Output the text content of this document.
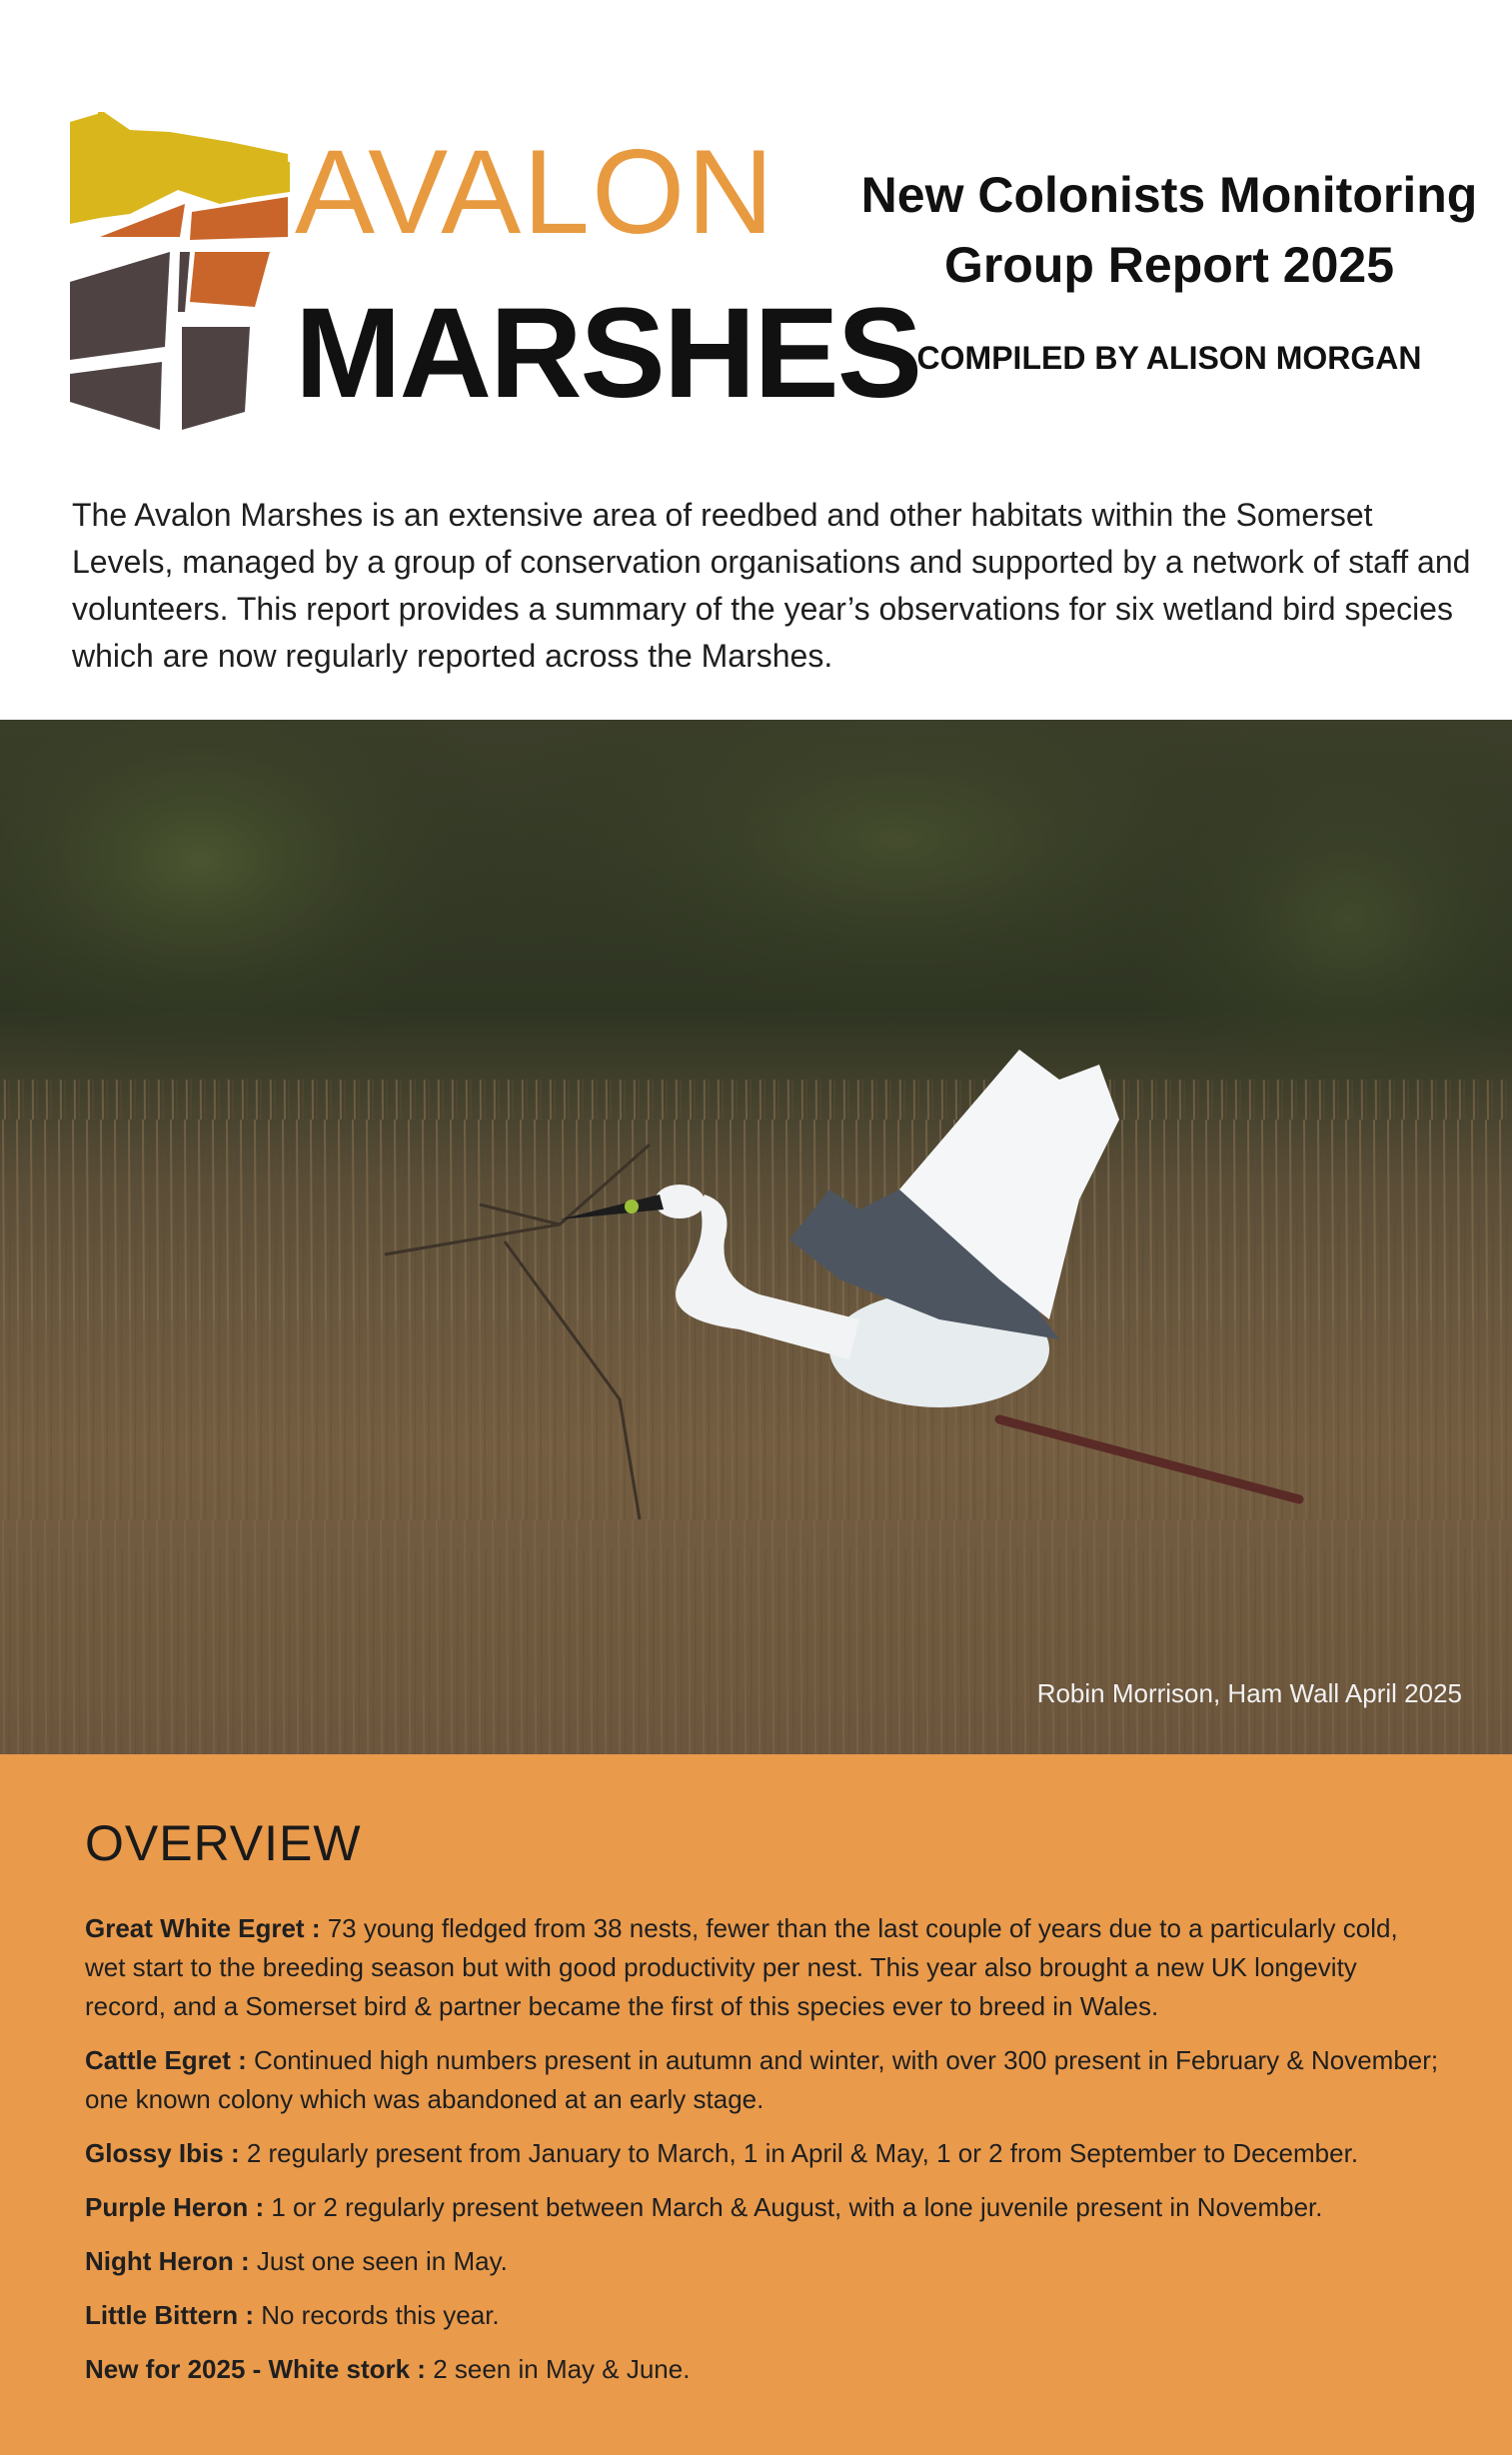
AVALON
MARSHES
New Colonists Monitoring
Group Report 2025
COMPILED BY ALISON MORGAN
The Avalon Marshes is an extensive area of reedbed and other habitats within the Somerset Levels, managed by a group of conservation organisations and supported by a network of staff and volunteers. This report provides a summary of the year’s observations for six wetland bird species which are now regularly reported across the Marshes.
Robin Morrison, Ham Wall April 2025
OVERVIEW
Great White Egret : 73 young fledged from 38 nests, fewer than the last couple of years due to a particularly cold, wet start to the breeding season but with good productivity per nest. This year also brought a new UK longevity record, and a Somerset bird & partner became the first of this species ever to breed in Wales.
Cattle Egret : Continued high numbers present in autumn and winter, with over 300 present in February & November; one known colony which was abandoned at an early stage.
Glossy Ibis : 2 regularly present from January to March, 1 in April & May, 1 or 2 from September to December.
Purple Heron : 1 or 2 regularly present between March & August, with a lone juvenile present in November.
Night Heron : Just one seen in May.
Little Bittern : No records this year.
New for 2025 - White stork : 2 seen in May & June.
